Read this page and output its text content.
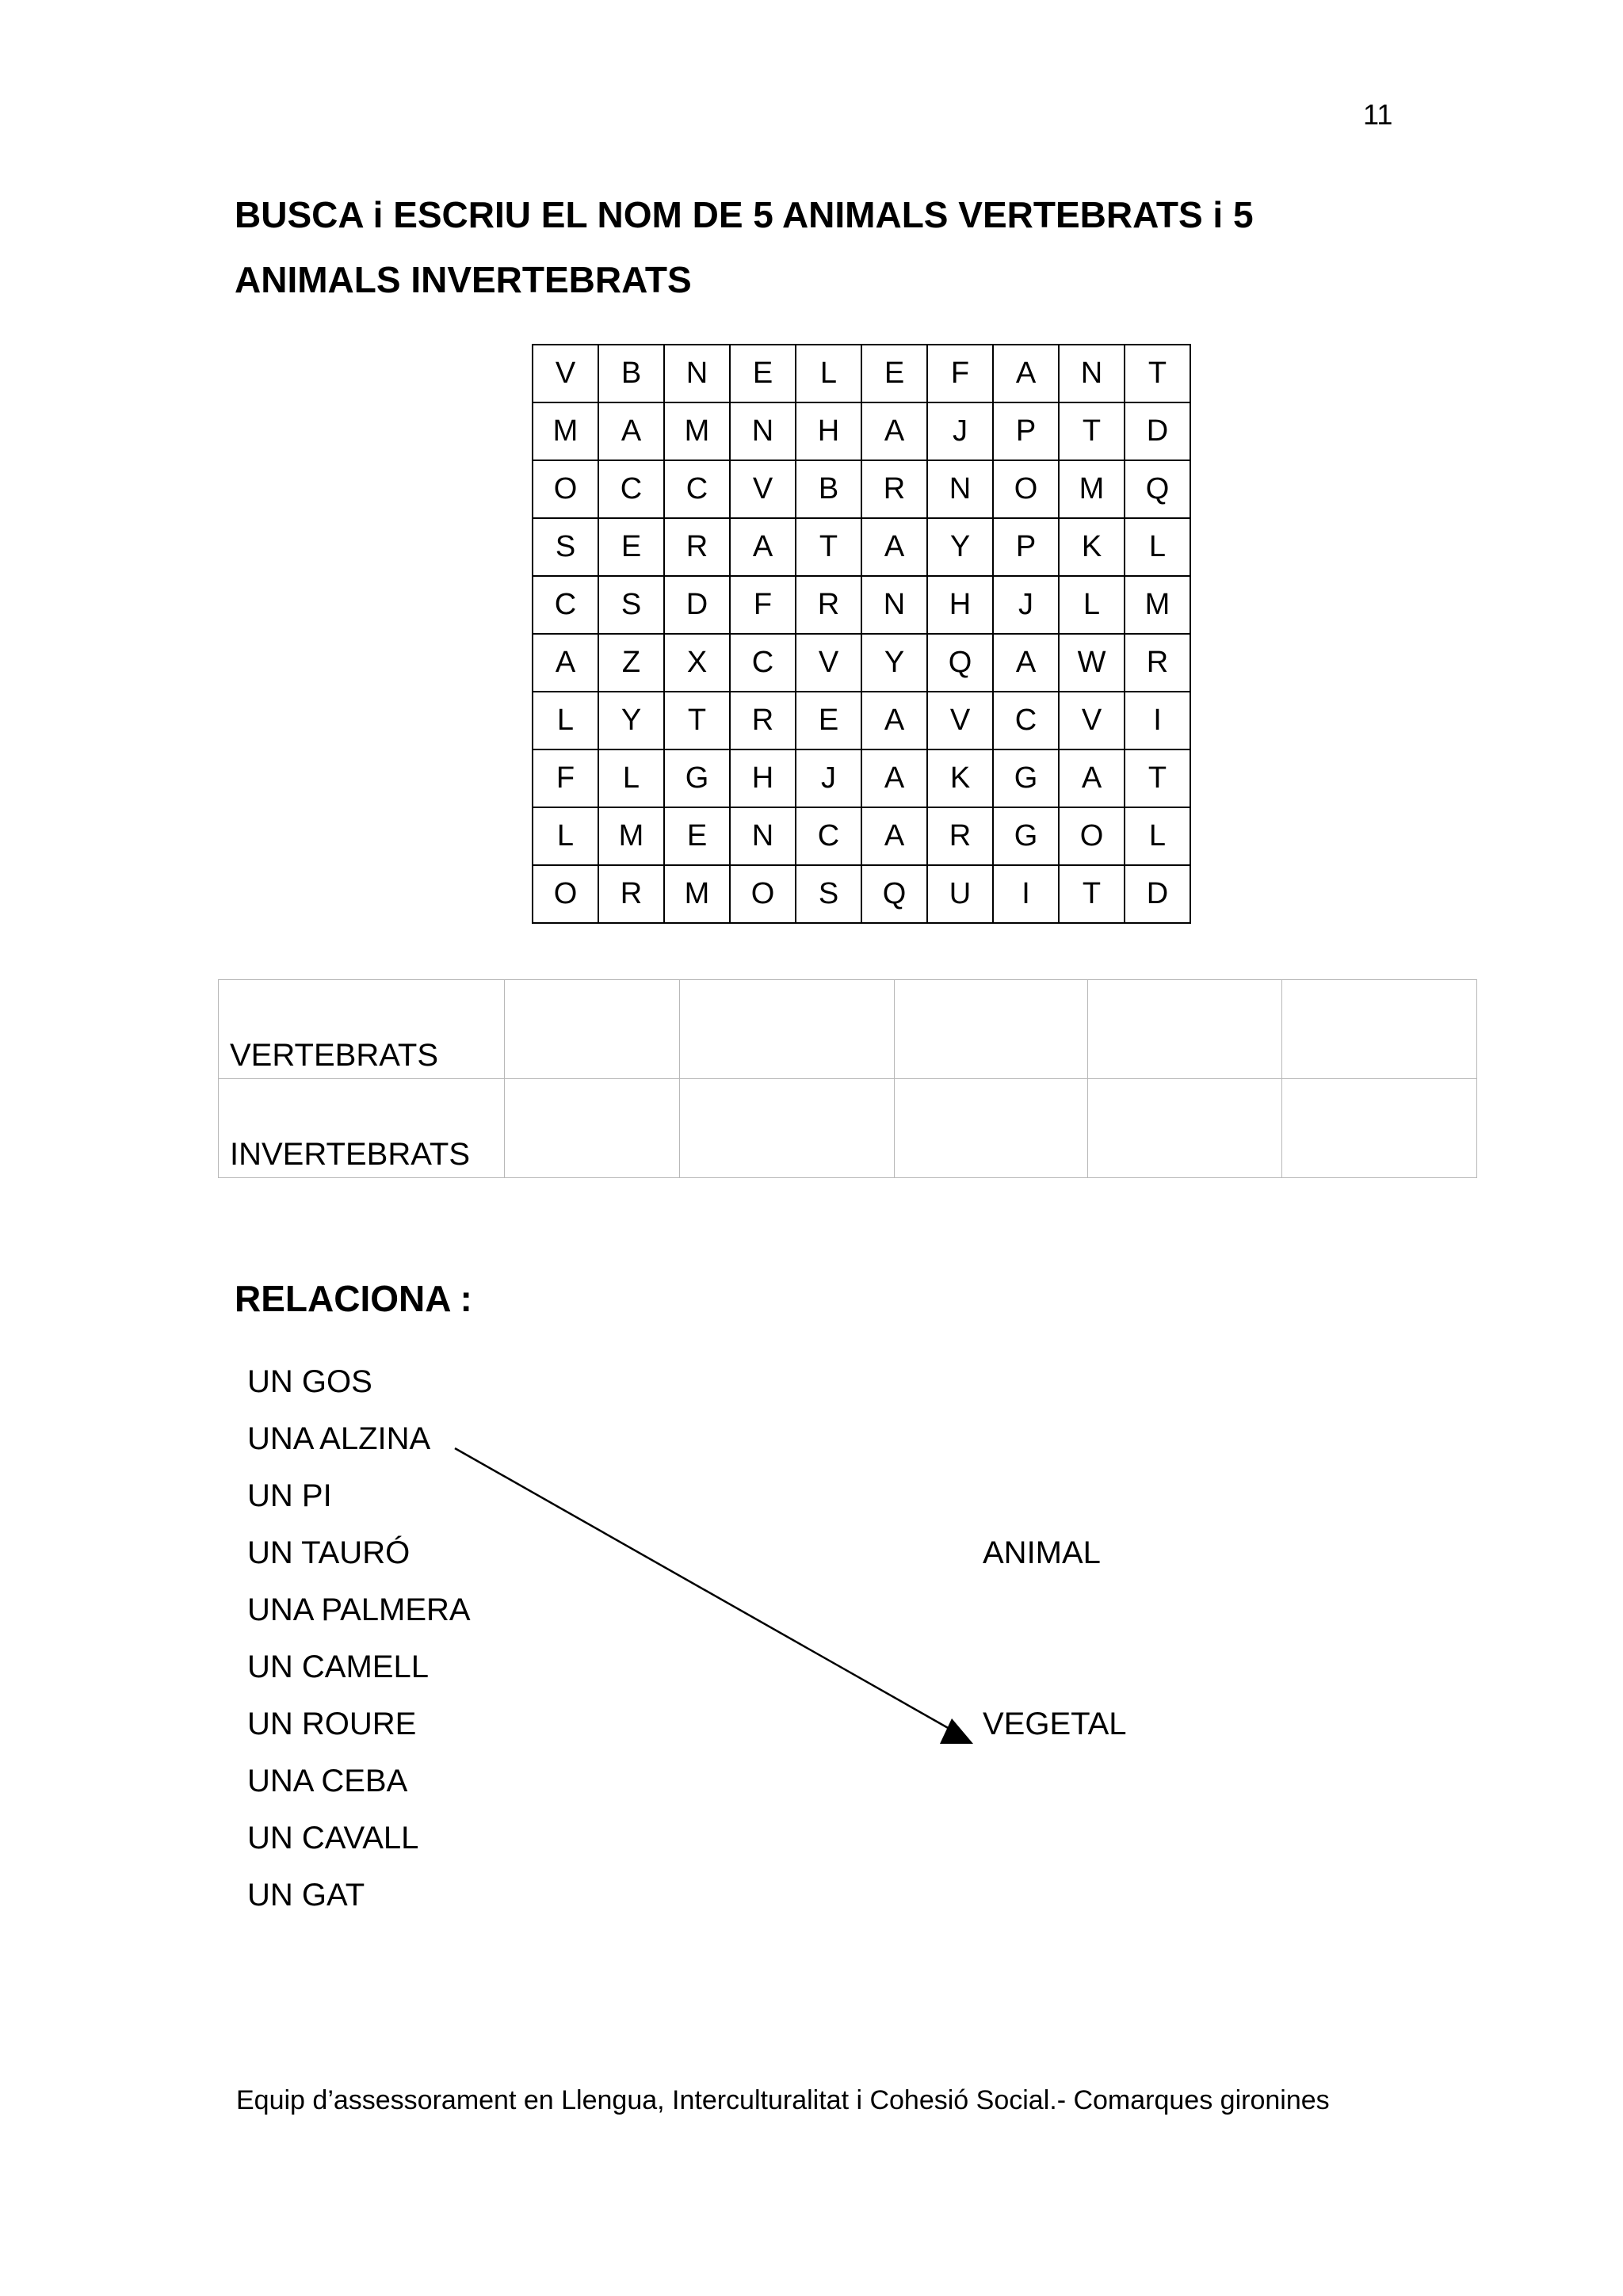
11
BUSCA i ESCRIU EL NOM DE 5 ANIMALS VERTEBRATS i 5
ANIMALS INVERTEBRATS
V	B	N	E	L	E	F	A	N	T
M	A	M	N	H	A	J	P	T	D
O	C	C	V	B	R	N	O	M	Q
S	E	R	A	T	A	Y	P	K	L
C	S	D	F	R	N	H	J	L	M
A	Z	X	C	V	Y	Q	A	W	R
L	Y	T	R	E	A	V	C	V	I
F	L	G	H	J	A	K	G	A	T
L	M	E	N	C	A	R	G	O	L
O	R	M	O	S	Q	U	I	T	D
VERTEBRATS					
INVERTEBRATS					
RELACIONA :
UN GOS
UNA ALZINA
UN PI
UN TAURÓ
UNA PALMERA
UN CAMELL
UN ROURE
UNA CEBA
UN CAVALL
UN GAT
ANIMAL
VEGETAL
Equip d’assessorament en Llengua, Interculturalitat i Cohesió Social.- Comarques gironines
